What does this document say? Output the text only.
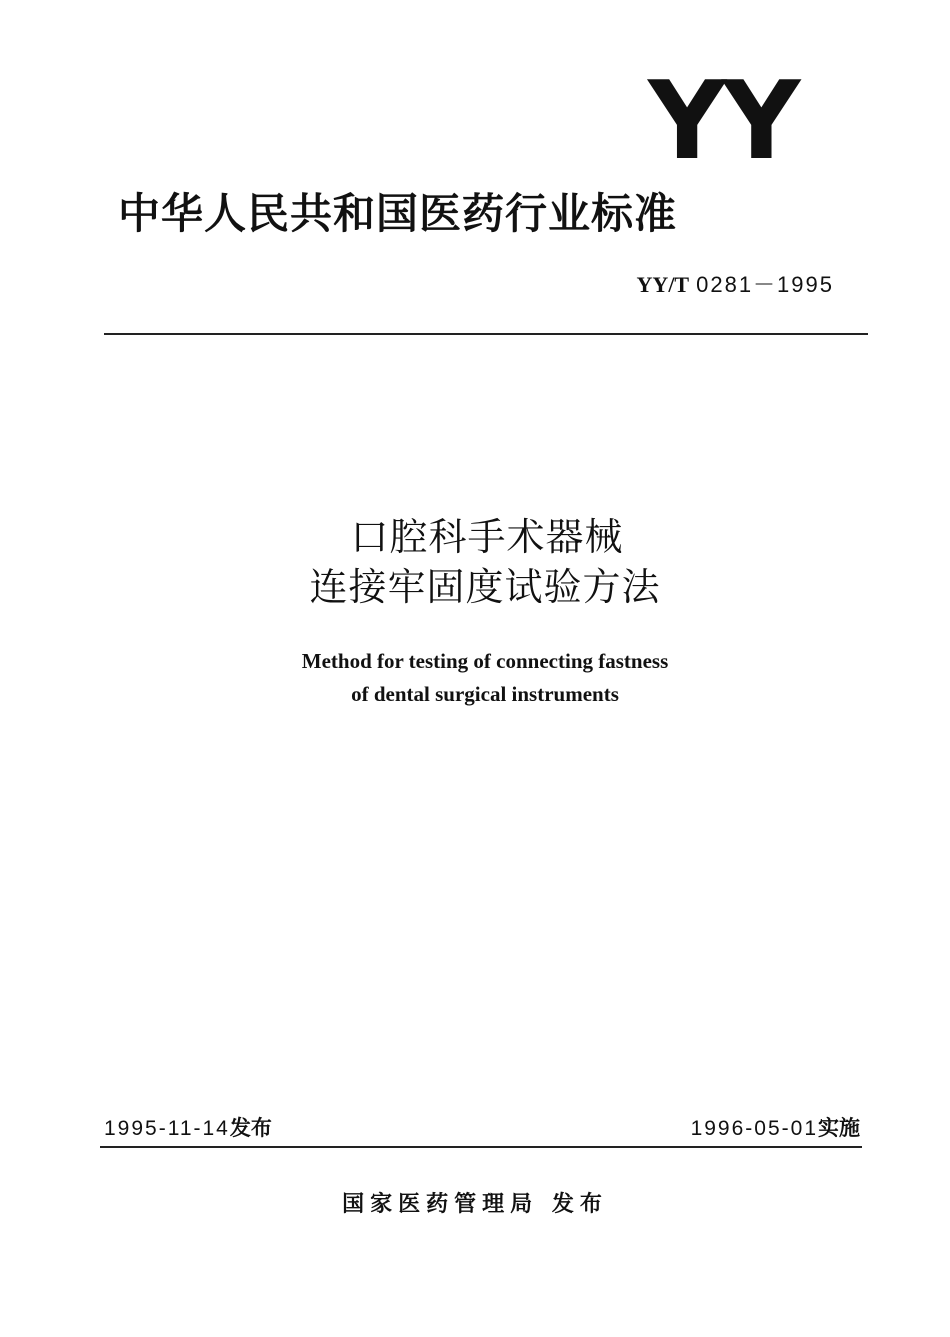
YY
中华人民共和国医药行业标准
YY/T 0281－1995
口腔科手术器械
连接牢固度试验方法
Method for testing of connecting fastness
of dental surgical instruments
1995-11-14发布	1996-05-01实施
国家医药管理局 发布
